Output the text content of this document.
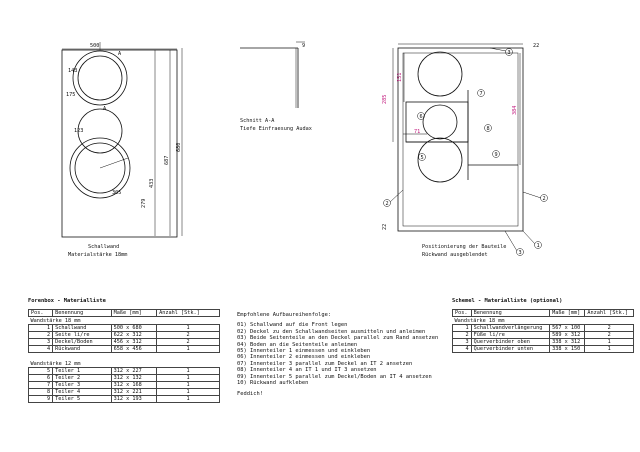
500
A
143
175
A
123
305
279
433
687
680
Schallwand
Materialstärke 18mm
9
Schnitt A-A
Tiefe Einfraesung Audax
22
22
285
151
384
71
3
7
6
8
5	9
2
2
1
3
Positionierung der Bauteile
Rückwand ausgeblendet
Forenbox - Materialliste
Pos.	Benennung	Maße [mm]	Anzahl [Stk.]
Wandstärke 18 mm			
1	Schallwand	500 x 680	1
2	Seite li/re	622 x 312	2
3	Deckel/Boden	456 x 312	2
4	Rückwand	658 x 456	1
Wandstärke 12 mm			
5	Teiler 1	312 x 227	1
6	Teiler 2	312 x 132	1
7	Teiler 3	312 x 168	1
8	Teiler 4	312 x 221	1
9	Teiler 5	312 x 193	1
Empfohlene Aufbaureihenfolge:
01) Schallwand auf die Front legen
02) Deckel zu den Schallwandseiten ausmitteln und anleimen
03) Beide Seitenteile an den Deckel parallel zum Rand ansetzen
04) Boden an die Seitenteile anleimen
05) Innenteiler 1 einmessen und einkleben
06) Innenteiler 2 einmessen und einkleben
07) Innenteiler 3 parallel zum Deckel an IT 2 ansetzen
08) Innenteiler 4 an IT 1 und IT 3 ansetzen
09) Innenteiler 5 parallel zum Deckel/Boden an IT 4 ansetzen
10) Rückwand aufkleben
Feddich!
Schemel - Materialliste (optional)
Pos.	Benennung	Maße [mm]	Anzahl [Stk.]
Wandstärke 18 mm			
1	Schallwandverlängerung	567 x 100	2
2	Füße li/re	589 x 312	2
3	Querverbinder oben	338 x 312	1
4	Querverbinder unten	338 x 150	1
